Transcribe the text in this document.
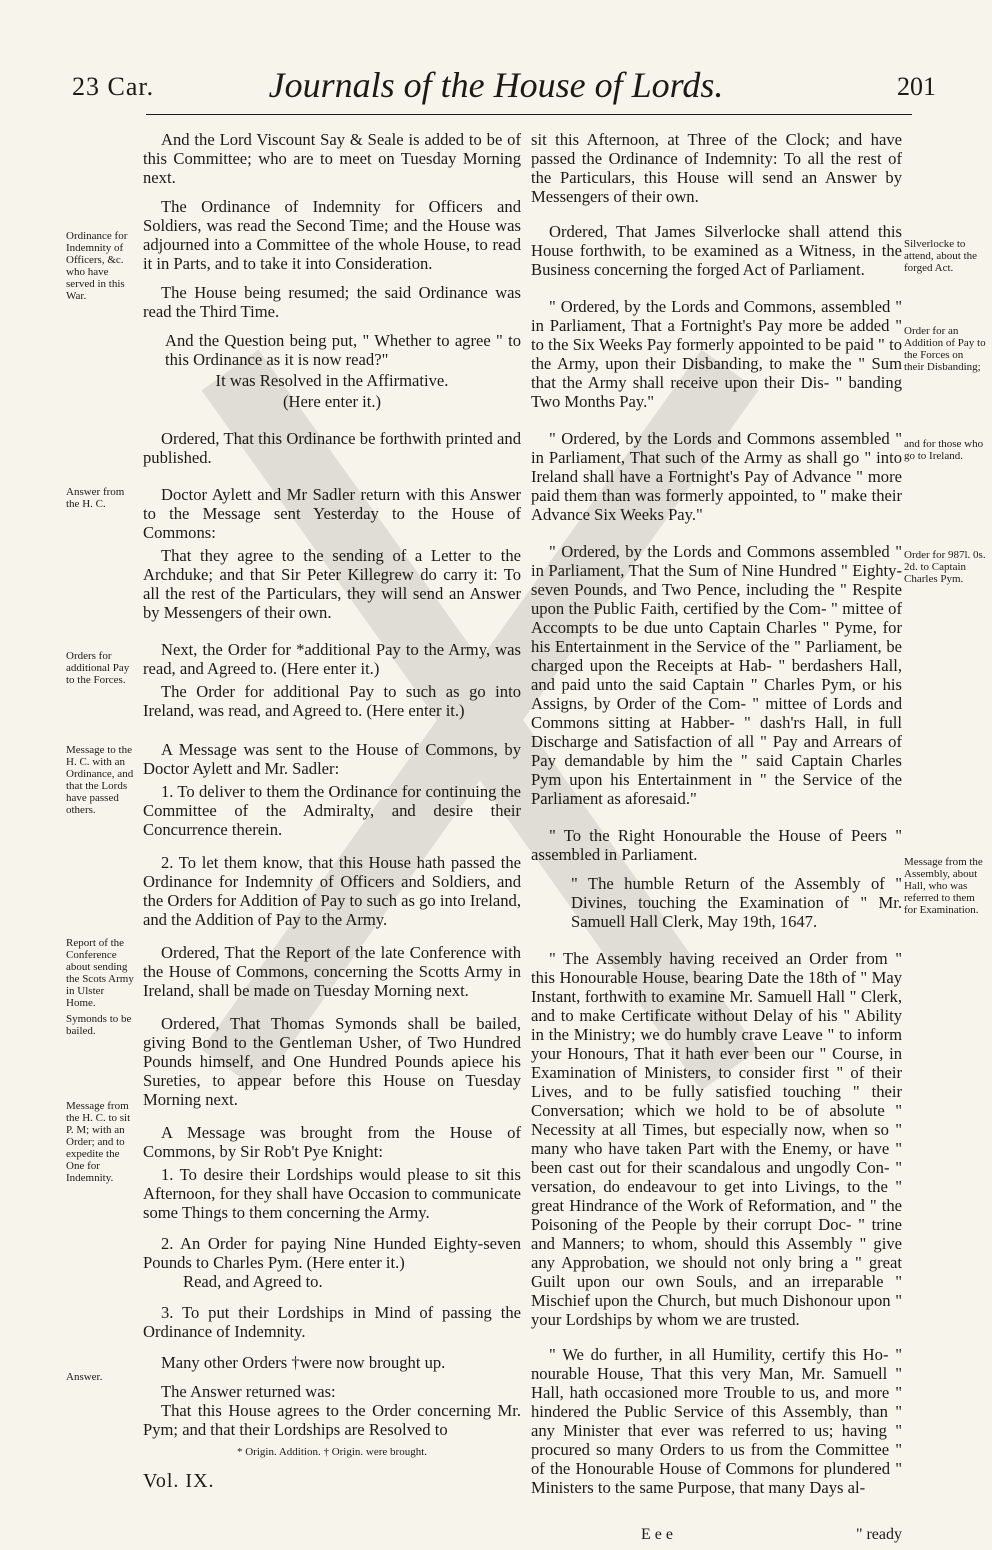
23 Car.	Journals of the House of Lords.	201
Ordinance for Indemnity of Officers, &c. who have served in this War.
Answer from the H. C.
Orders for additional Pay to the Forces.
Message to the H. C. with an Ordinance, and that the Lords have passed others.
Report of the Conference about sending the Scots Army in Ulster Home.
Symonds to be bailed.
Message from the H. C. to sit P. M; with an Order; and to expedite the One for Indemnity.
Answer.
Silverlocke to attend, about the forged Act.
Order for an Addition of Pay to the Forces on their Disbanding;
and for those who go to Ireland.
Order for 987l. 0s. 2d. to Captain Charles Pym.
Message from the Assembly, about Hall, who was referred to them for Examination.

And the Lord Viscount Say & Seale is added to be of this Committee; who are to meet on Tuesday Morning next.

The Ordinance of Indemnity for Officers and Soldiers, was read the Second Time; and the House was adjourned into a Committee of the whole House, to read it in Parts, and to take it into Consideration.

The House being resumed; the said Ordinance was read the Third Time.

And the Question being put, " Whether to agree " to this Ordinance as it is now read?"

It was Resolved in the Affirmative.

(Here enter it.)

Ordered, That this Ordinance be forthwith printed and published.

Doctor Aylett and Mr Sadler return with this Answer to the Message sent Yesterday to the House of Commons:

That they agree to the sending of a Letter to the Archduke; and that Sir Peter Killegrew do carry it: To all the rest of the Particulars, they will send an Answer by Messengers of their own.

Next, the Order for *additional Pay to the Army, was read, and Agreed to. (Here enter it.)

The Order for additional Pay to such as go into Ireland, was read, and Agreed to. (Here enter it.)

A Message was sent to the House of Commons, by Doctor Aylett and Mr. Sadler:

1. To deliver to them the Ordinance for continuing the Committee of the Admiralty, and desire their Concurrence therein.

2. To let them know, that this House hath passed the Ordinance for Indemnity of Officers and Soldiers, and the Orders for Addition of Pay to such as go into Ireland, and the Addition of Pay to the Army.

Ordered, That the Report of the late Conference with the House of Commons, concerning the Scotts Army in Ireland, shall be made on Tuesday Morning next.

Ordered, That Thomas Symonds shall be bailed, giving Bond to the Gentleman Usher, of Two Hundred Pounds himself, and One Hundred Pounds apiece his Sureties, to appear before this House on Tuesday Morning next.

A Message was brought from the House of Commons, by Sir Rob't Pye Knight:

1. To desire their Lordships would please to sit this Afternoon, for they shall have Occasion to communicate some Things to them concerning the Army.

2. An Order for paying Nine Hunded Eighty-seven Pounds to Charles Pym. (Here enter it.)

Read, and Agreed to.

3. To put their Lordships in Mind of passing the Ordinance of Indemnity.

Many other Orders †were now brought up.

The Answer returned was:

That this House agrees to the Order concerning Mr. Pym; and that their Lordships are Resolved to

* Origin. Addition. † Origin. were brought.
Vol. IX.

sit this Afternoon, at Three of the Clock; and have passed the Ordinance of Indemnity: To all the rest of the Particulars, this House will send an Answer by Messengers of their own.

Ordered, That James Silverlocke shall attend this House forthwith, to be examined as a Witness, in the Business concerning the forged Act of Parliament.

" Ordered, by the Lords and Commons, assembled " in Parliament, That a Fortnight's Pay more be added " to the Six Weeks Pay formerly appointed to be paid " to the Army, upon their Disbanding, to make the " Sum that the Army shall receive upon their Dis- " banding Two Months Pay."

" Ordered, by the Lords and Commons assembled " in Parliament, That such of the Army as shall go " into Ireland shall have a Fortnight's Pay of Advance " more paid them than was formerly appointed, to " make their Advance Six Weeks Pay."

" Ordered, by the Lords and Commons assembled " in Parliament, That the Sum of Nine Hundred " Eighty-seven Pounds, and Two Pence, including the " Respite upon the Public Faith, certified by the Com- " mittee of Accompts to be due unto Captain Charles " Pyme, for his Entertainment in the Service of the " Parliament, be charged upon the Receipts at Hab- " berdashers Hall, and paid unto the said Captain " Charles Pym, or his Assigns, by Order of the Com- " mittee of Lords and Commons sitting at Habber- " dash'rs Hall, in full Discharge and Satisfaction of all " Pay and Arrears of Pay demandable by him the " said Captain Charles Pym upon his Entertainment in " the Service of the Parliament as aforesaid."

" To the Right Honourable the House of Peers " assembled in Parliament.

" The humble Return of the Assembly of " Divines, touching the Examination of " Mr. Samuell Hall Clerk, May 19th, 1647.

" The Assembly having received an Order from " this Honourable House, bearing Date the 18th of " May Instant, forthwith to examine Mr. Samuell Hall " Clerk, and to make Certificate without Delay of his " Ability in the Ministry; we do humbly crave Leave " to inform your Honours, That it hath ever been our " Course, in Examination of Ministers, to consider first " of their Lives, and to be fully satisfied touching " their Conversation; which we hold to be of absolute " Necessity at all Times, but especially now, when so " many who have taken Part with the Enemy, or have " been cast out for their scandalous and ungodly Con- " versation, do endeavour to get into Livings, to the " great Hindrance of the Work of Reformation, and " the Poisoning of the People by their corrupt Doc- " trine and Manners; to whom, should this Assembly " give any Approbation, we should not only bring a " great Guilt upon our own Souls, and an irreparable " Mischief upon the Church, but much Dishonour upon " your Lordships by whom we are trusted.

" We do further, in all Humility, certify this Ho- " nourable House, That this very Man, Mr. Samuell " Hall, hath occasioned more Trouble to us, and more " hindered the Public Service of this Assembly, than " any Minister that ever was referred to us; having " procured so many Orders to us from the Committee " of the Honourable House of Commons for plundered " Ministers to the same Purpose, that many Days al-

E e e	" ready
